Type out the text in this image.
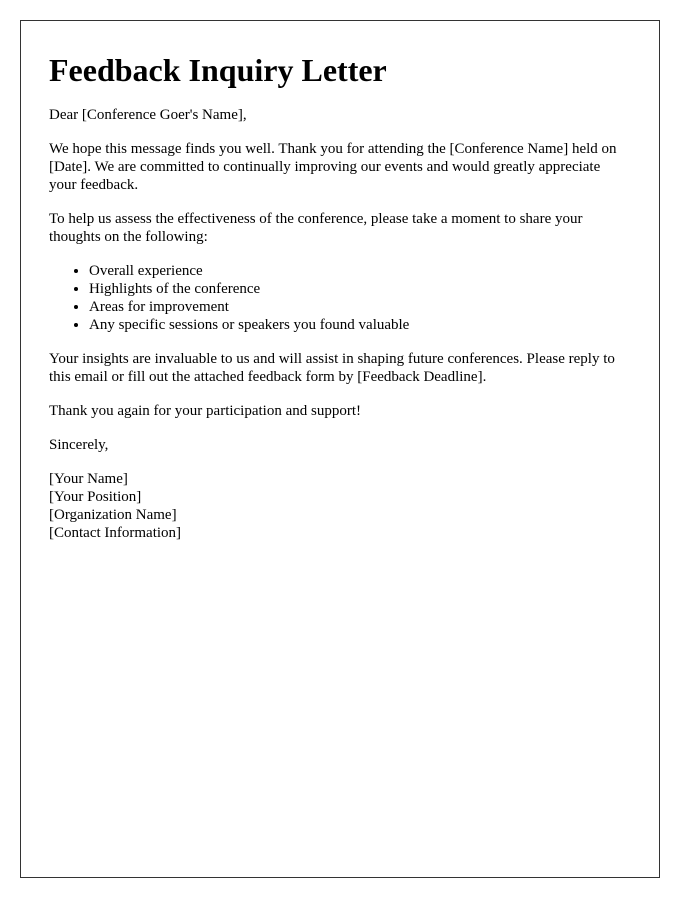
Feedback Inquiry Letter

Dear [Conference Goer's Name],

We hope this message finds you well. Thank you for attending the [Conference Name] held on [Date]. We are committed to continually improving our events and would greatly appreciate your feedback.

To help us assess the effectiveness of the conference, please take a moment to share your thoughts on the following:

• Overall experience
• Highlights of the conference
• Areas for improvement
• Any specific sessions or speakers you found valuable

Your insights are invaluable to us and will assist in shaping future conferences. Please reply to this email or fill out the attached feedback form by [Feedback Deadline].

Thank you again for your participation and support!

Sincerely,

[Your Name]
[Your Position]
[Organization Name]
[Contact Information]
